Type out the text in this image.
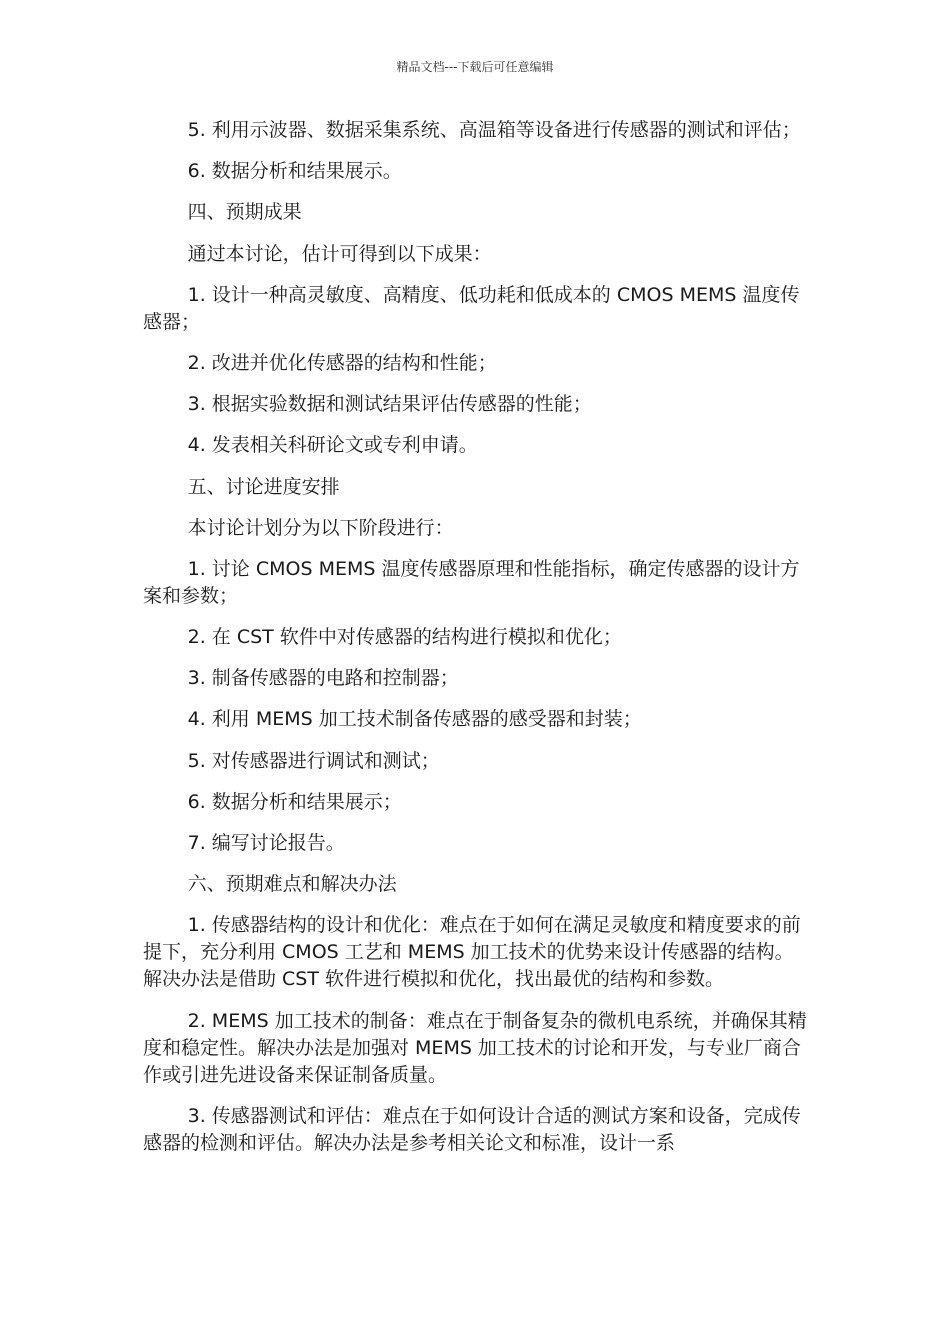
精品文档---下载后可任意编辑

5. 利用示波器、数据采集系统、高温箱等设备进行传感器的测试和评估；

6. 数据分析和结果展示。

四、预期成果

通过本讨论，估计可得到以下成果：

1. 设计一种高灵敏度、高精度、低功耗和低成本的 CMOS MEMS 温度传感器；

2. 改进并优化传感器的结构和性能；

3. 根据实验数据和测试结果评估传感器的性能；

4. 发表相关科研论文或专利申请。

五、讨论进度安排

本讨论计划分为以下阶段进行：

1. 讨论 CMOS MEMS 温度传感器原理和性能指标，确定传感器的设计方案和参数；

2. 在 CST 软件中对传感器的结构进行模拟和优化；

3. 制备传感器的电路和控制器；

4. 利用 MEMS 加工技术制备传感器的感受器和封装；

5. 对传感器进行调试和测试；

6. 数据分析和结果展示；

7. 编写讨论报告。

六、预期难点和解决办法

1. 传感器结构的设计和优化：难点在于如何在满足灵敏度和精度要求的前提下，充分利用 CMOS 工艺和 MEMS 加工技术的优势来设计传感器的结构。解决办法是借助 CST 软件进行模拟和优化，找出最优的结构和参数。

2. MEMS 加工技术的制备：难点在于制备复杂的微机电系统，并确保其精度和稳定性。解决办法是加强对 MEMS 加工技术的讨论和开发，与专业厂商合作或引进先进设备来保证制备质量。

3. 传感器测试和评估：难点在于如何设计合适的测试方案和设备，完成传感器的检测和评估。解决办法是参考相关论文和标准，设计一系
